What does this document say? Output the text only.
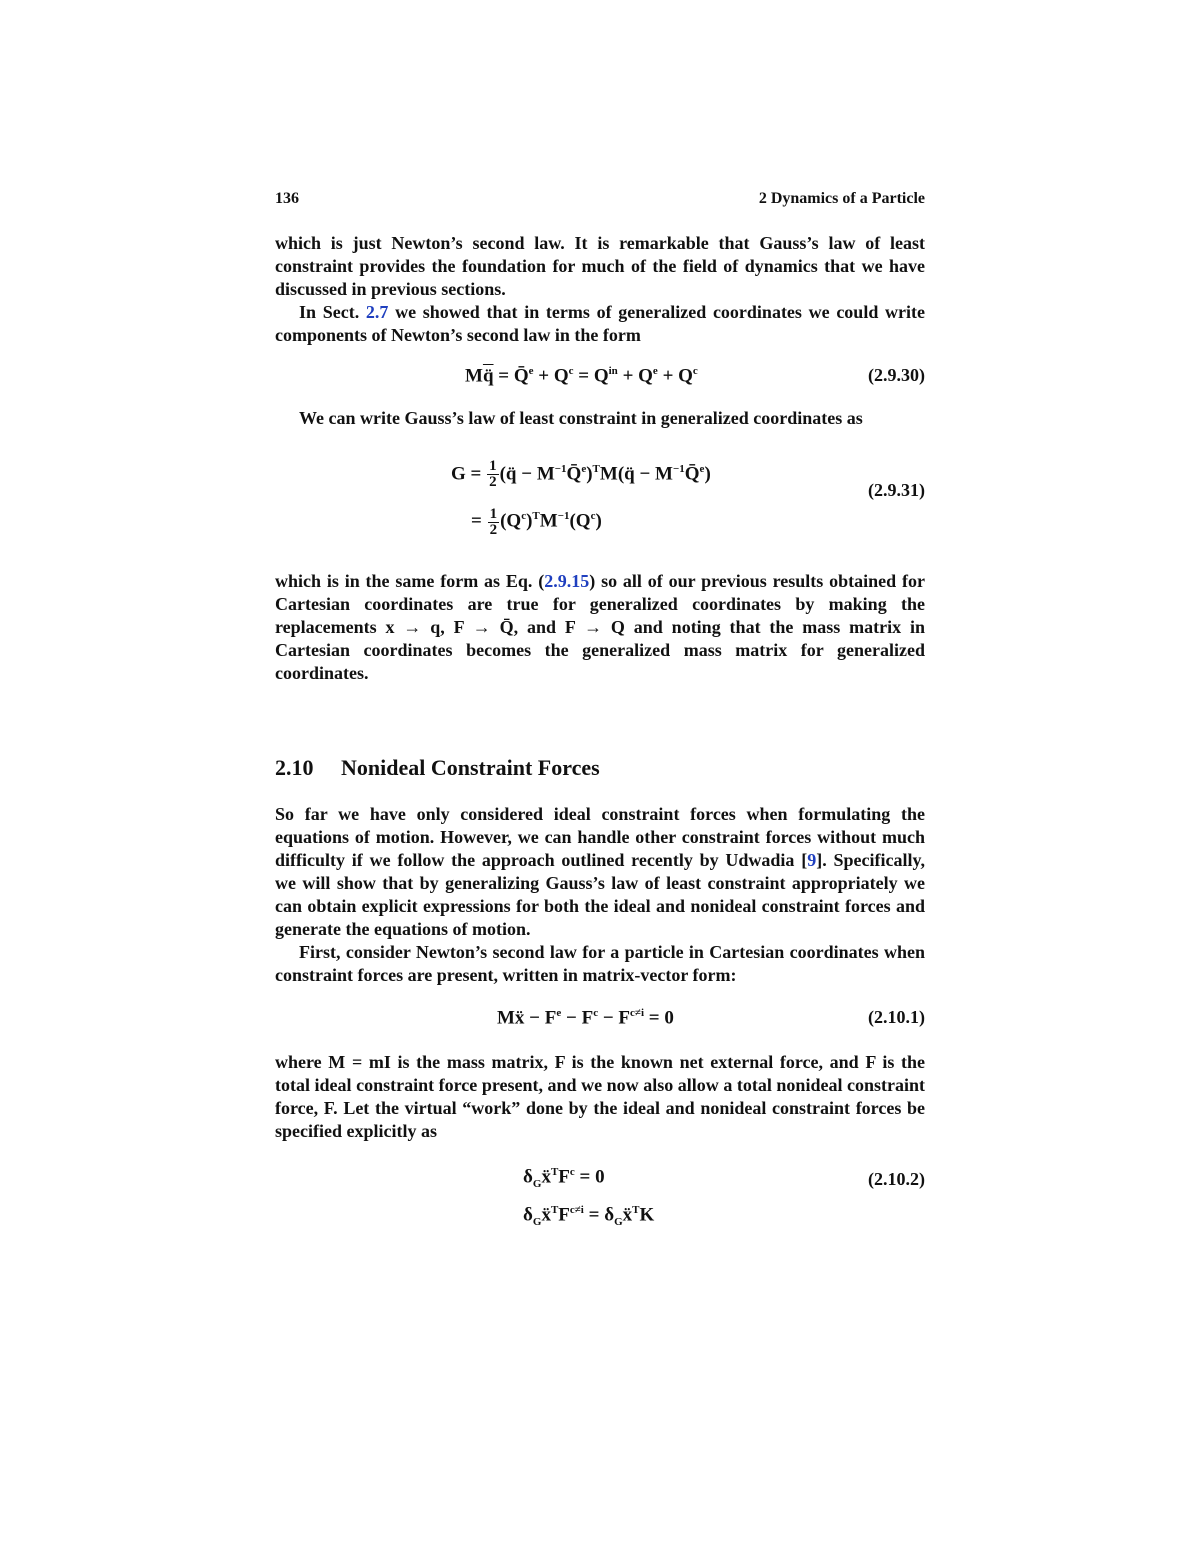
136	2 Dynamics of a Particle

which is just Newton’s second law. It is remarkable that Gauss’s law of least constraint provides the foundation for much of the field of dynamics that we have discussed in previous sections.

In Sect. 2.7 we showed that in terms of generalized coordinates we could write components of Newton’s second law in the form

Mq̈ = Q̄$^e$ + $Q^c = Q^{in} + Q^e + Q^c$	(2.9.30)

We can write Gauss’s law of least constraint in generalized coordinates as

$G = \frac{1}{2}$ (q̈ − $M^{-1}Q̄^e)^TM(q̈$ − $M^{-1}Q̄^e$)
= $\frac{1}{2} (Q^c)^TM^{-1}(Q^c)$
(2.9.31)

which is in the same form as Eq. (2.9.15) so all of our previous results obtained for Cartesian coordinates are true for generalized coordinates by making the replacements x → q, F → Q̄, and F → Q and noting that the mass matrix in Cartesian coordinates becomes the generalized mass matrix for generalized coordinates.

2.10 Nonideal Constraint Forces

So far we have only considered ideal constraint forces when formulating the equations of motion. However, we can handle other constraint forces without much difficulty if we follow the approach outlined recently by Udwadia [9]. Specifically, we will show that by generalizing Gauss’s law of least constraint appropriately we can obtain explicit expressions for both the ideal and nonideal constraint forces and generate the equations of motion.

First, consider Newton’s second law for a particle in Cartesian coordinates when constraint forces are present, written in matrix-vector form:

Mẍ − $F^e - F^c - F^{c\ne i} = 0$	(2.10.1)

where M = mI is the mass matrix, F is the known net external force, and F is the total ideal constraint force present, and we now also allow a total nonideal constraint force, F. Let the virtual “work” done by the ideal and nonideal constraint forces be specified explicitly as

$\delta_Gẍ^TF^c = 0$
$\delta_Gẍ^TF^{c\ne i}$ = $\delta_Gẍ^TK$
(2.10.2)
